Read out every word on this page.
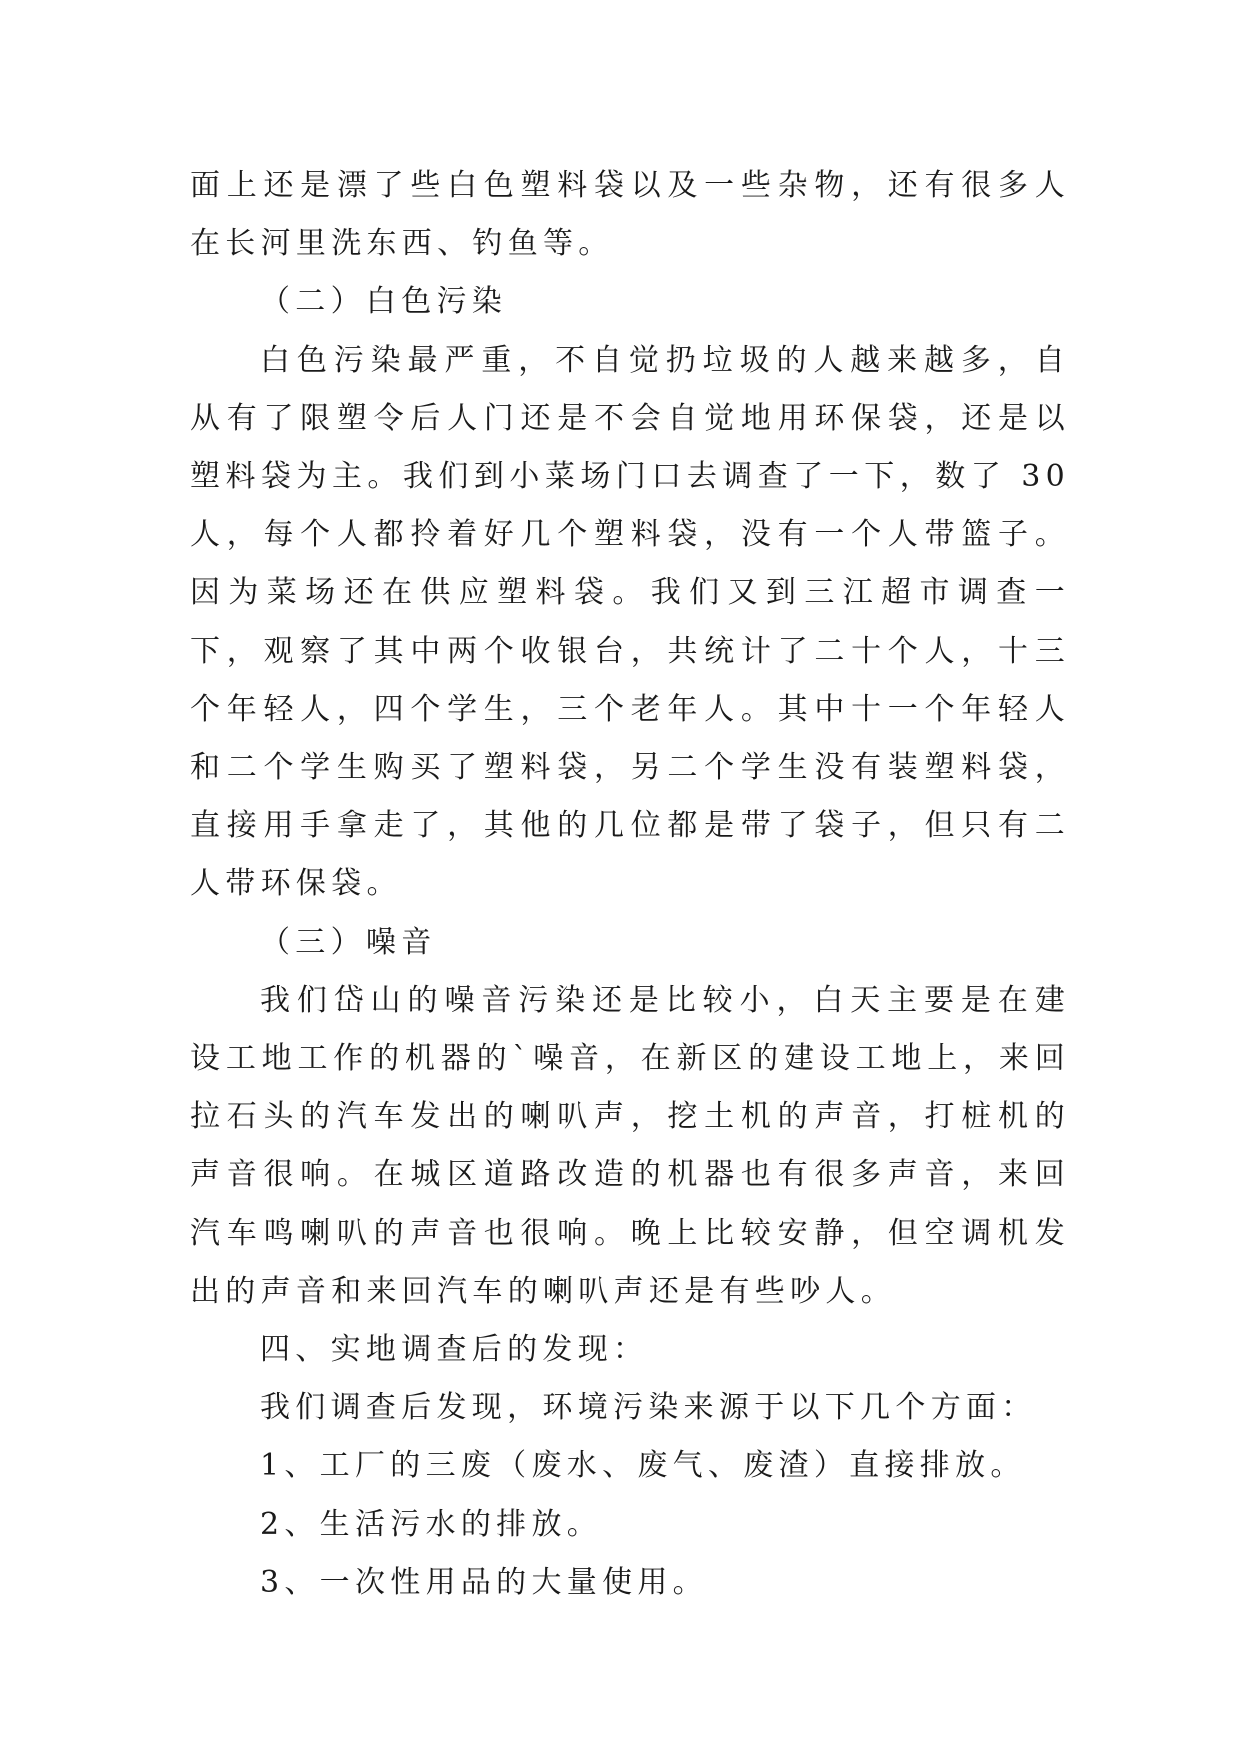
面上还是漂了些白色塑料袋以及一些杂物，还有很多人在长河里洗东西、钓鱼等。

（二）白色污染

白色污染最严重，不自觉扔垃圾的人越来越多，自从有了限塑令后人门还是不会自觉地用环保袋，还是以塑料袋为主。我们到小菜场门口去调查了一下，数了 30 人，每个人都拎着好几个塑料袋，没有一个人带篮子。因为菜场还在供应塑料袋。我们又到三江超市调查一下，观察了其中两个收银台，共统计了二十个人，十三个年轻人，四个学生，三个老年人。其中十一个年轻人和二个学生购买了塑料袋，另二个学生没有装塑料袋，直接用手拿走了，其他的几位都是带了袋子，但只有二人带环保袋。

（三）噪音

我们岱山的噪音污染还是比较小，白天主要是在建设工地工作的机器的`噪音，在新区的建设工地上，来回拉石头的汽车发出的喇叭声，挖土机的声音，打桩机的声音很响。在城区道路改造的机器也有很多声音，来回汽车鸣喇叭的声音也很响。晚上比较安静，但空调机发出的声音和来回汽车的喇叭声还是有些吵人。

四、实地调查后的发现：

我们调查后发现，环境污染来源于以下几个方面：

1、工厂的三废（废水、废气、废渣）直接排放。

2、生活污水的排放。

3、一次性用品的大量使用。
